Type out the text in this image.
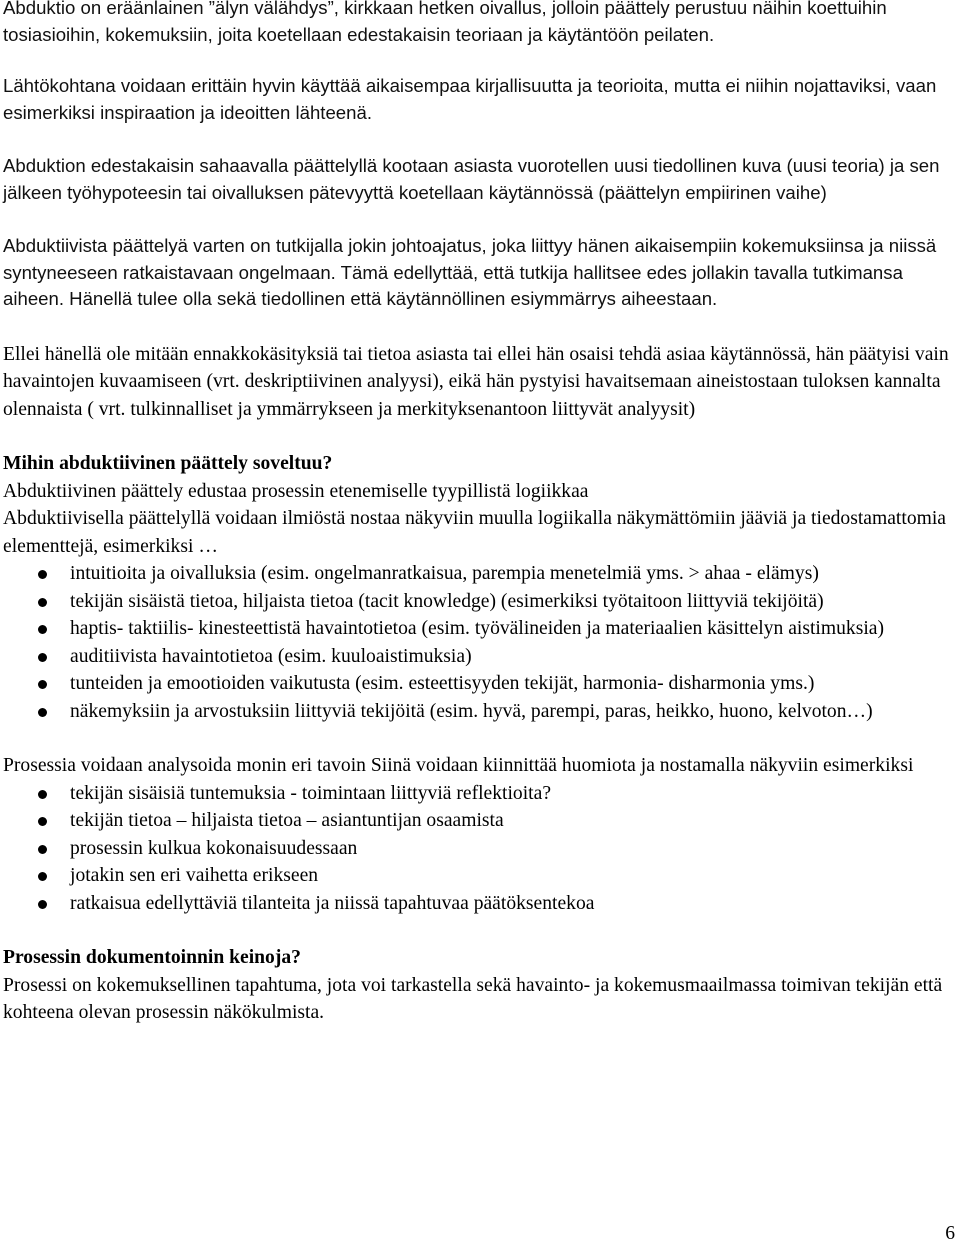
Abduktio on eräänlainen ”älyn välähdys”, kirkkaan hetken oivallus, jolloin päättely perustuu näihin koettuihin tosiasioihin, kokemuksiin, joita koetellaan edestakaisin teoriaan ja käytäntöön peilaten.

Lähtökohtana voidaan erittäin hyvin käyttää aikaisempaa kirjallisuutta ja teorioita, mutta ei niihin nojattaviksi, vaan esimerkiksi inspiraation ja ideoitten lähteenä.

Abduktion edestakaisin sahaavalla päättelyllä kootaan asiasta vuorotellen uusi tiedollinen kuva (uusi teoria) ja sen jälkeen työhypoteesin tai oivalluksen pätevyyttä koetellaan käytännössä (päättelyn empiirinen vaihe)

Abduktiivista päättelyä varten on tutkijalla jokin johtoajatus, joka liittyy hänen aikaisempiin kokemuksiinsa ja niissä syntyneeseen ratkaistavaan ongelmaan. Tämä edellyttää, että tutkija hallitsee edes jollakin tavalla tutkimansa aiheen. Hänellä tulee olla sekä tiedollinen että käytännöllinen esiymmärrys aiheestaan.

Ellei hänellä ole mitään ennakkokäsityksiä tai tietoa asiasta tai ellei hän osaisi tehdä asiaa käytännössä, hän päätyisi vain havaintojen kuvaamiseen (vrt. deskriptiivinen analyysi), eikä hän pystyisi havaitsemaan aineistostaan tuloksen kannalta olennaista ( vrt. tulkinnalliset ja ymmärrykseen ja merkityksenantoon liittyvät analyysit)

Mihin abduktiivinen päättely soveltuu?

Abduktiivinen päättely edustaa prosessin etenemiselle tyypillistä logiikkaa

Abduktiivisella päättelyllä voidaan ilmiöstä nostaa näkyviin muulla logiikalla näkymättömiin jääviä ja tiedostamattomia elementtejä, esimerkiksi …

intuitioita ja oivalluksia (esim. ongelmanratkaisua, parempia menetelmiä yms. > ahaa - elämys)
tekijän sisäistä tietoa, hiljaista tietoa (tacit knowledge) (esimerkiksi työtaitoon liittyviä tekijöitä)
haptis- taktiilis- kinesteettistä havaintotietoa (esim. työvälineiden ja materiaalien käsittelyn aistimuksia)
auditiivista havaintotietoa (esim. kuuloaistimuksia)
tunteiden ja emootioiden vaikutusta (esim. esteettisyyden tekijät, harmonia- disharmonia yms.)
näkemyksiin ja arvostuksiin liittyviä tekijöitä (esim. hyvä, parempi, paras, heikko, huono, kelvoton…)

Prosessia voidaan analysoida monin eri tavoin Siinä voidaan kiinnittää huomiota ja nostamalla näkyviin esimerkiksi

tekijän sisäisiä tuntemuksia - toimintaan liittyviä reflektioita?
tekijän tietoa – hiljaista tietoa – asiantuntijan osaamista
prosessin kulkua kokonaisuudessaan
jotakin sen eri vaihetta erikseen
ratkaisua edellyttäviä tilanteita ja niissä tapahtuvaa päätöksentekoa

Prosessin dokumentoinnin keinoja?

Prosessi on kokemuksellinen tapahtuma, jota voi tarkastella sekä havainto- ja kokemusmaailmassa toimivan tekijän että kohteena olevan prosessin näkökulmista.

6
